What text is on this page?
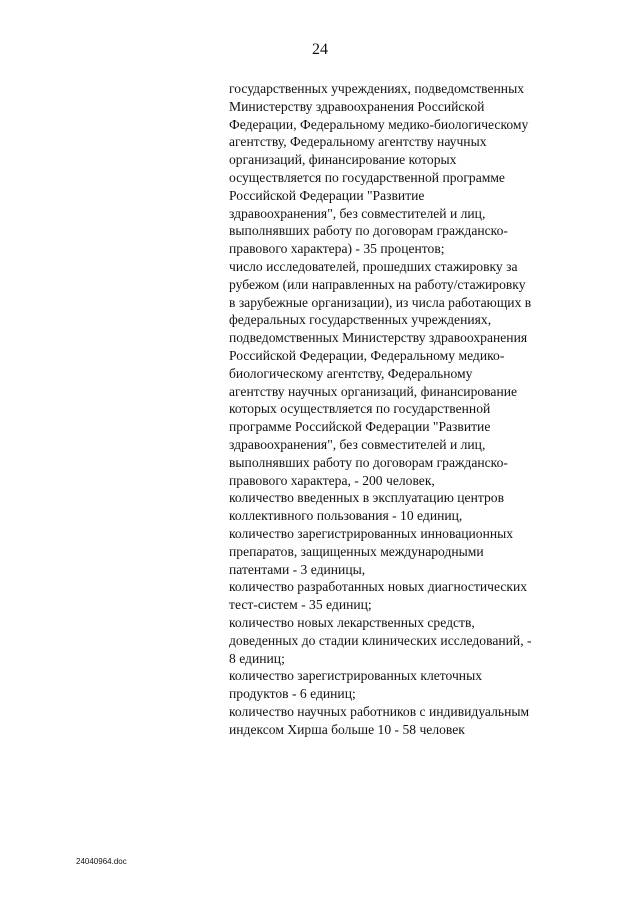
24
государственных учреждениях, подведомственных
Министерству здравоохранения Российской
Федерации, Федеральному медико-биологическому
агентству, Федеральному агентству научных
организаций, финансирование которых
осуществляется по государственной программе
Российской Федерации "Развитие
здравоохранения", без совместителей и лиц,
выполнявших работу по договорам гражданско-
правового характера) - 35 процентов;
число исследователей, прошедших стажировку за
рубежом (или направленных на работу/стажировку
в зарубежные организации), из числа работающих в
федеральных государственных учреждениях,
подведомственных Министерству здравоохранения
Российской Федерации, Федеральному медико-
биологическому агентству, Федеральному
агентству научных организаций, финансирование
которых осуществляется по государственной
программе Российской Федерации "Развитие
здравоохранения", без совместителей и лиц,
выполнявших работу по договорам гражданско-
правового характера, - 200 человек,
количество введенных в эксплуатацию центров
коллективного пользования - 10 единиц,
количество зарегистрированных инновационных
препаратов, защищенных международными
патентами - 3 единицы,
количество разработанных новых диагностических
тест-систем - 35 единиц;
количество новых лекарственных средств,
доведенных до стадии клинических исследований, -
8 единиц;
количество зарегистрированных клеточных
продуктов - 6 единиц;
количество научных работников с индивидуальным
индексом Хирша больше 10 - 58 человек
24040964.doc
